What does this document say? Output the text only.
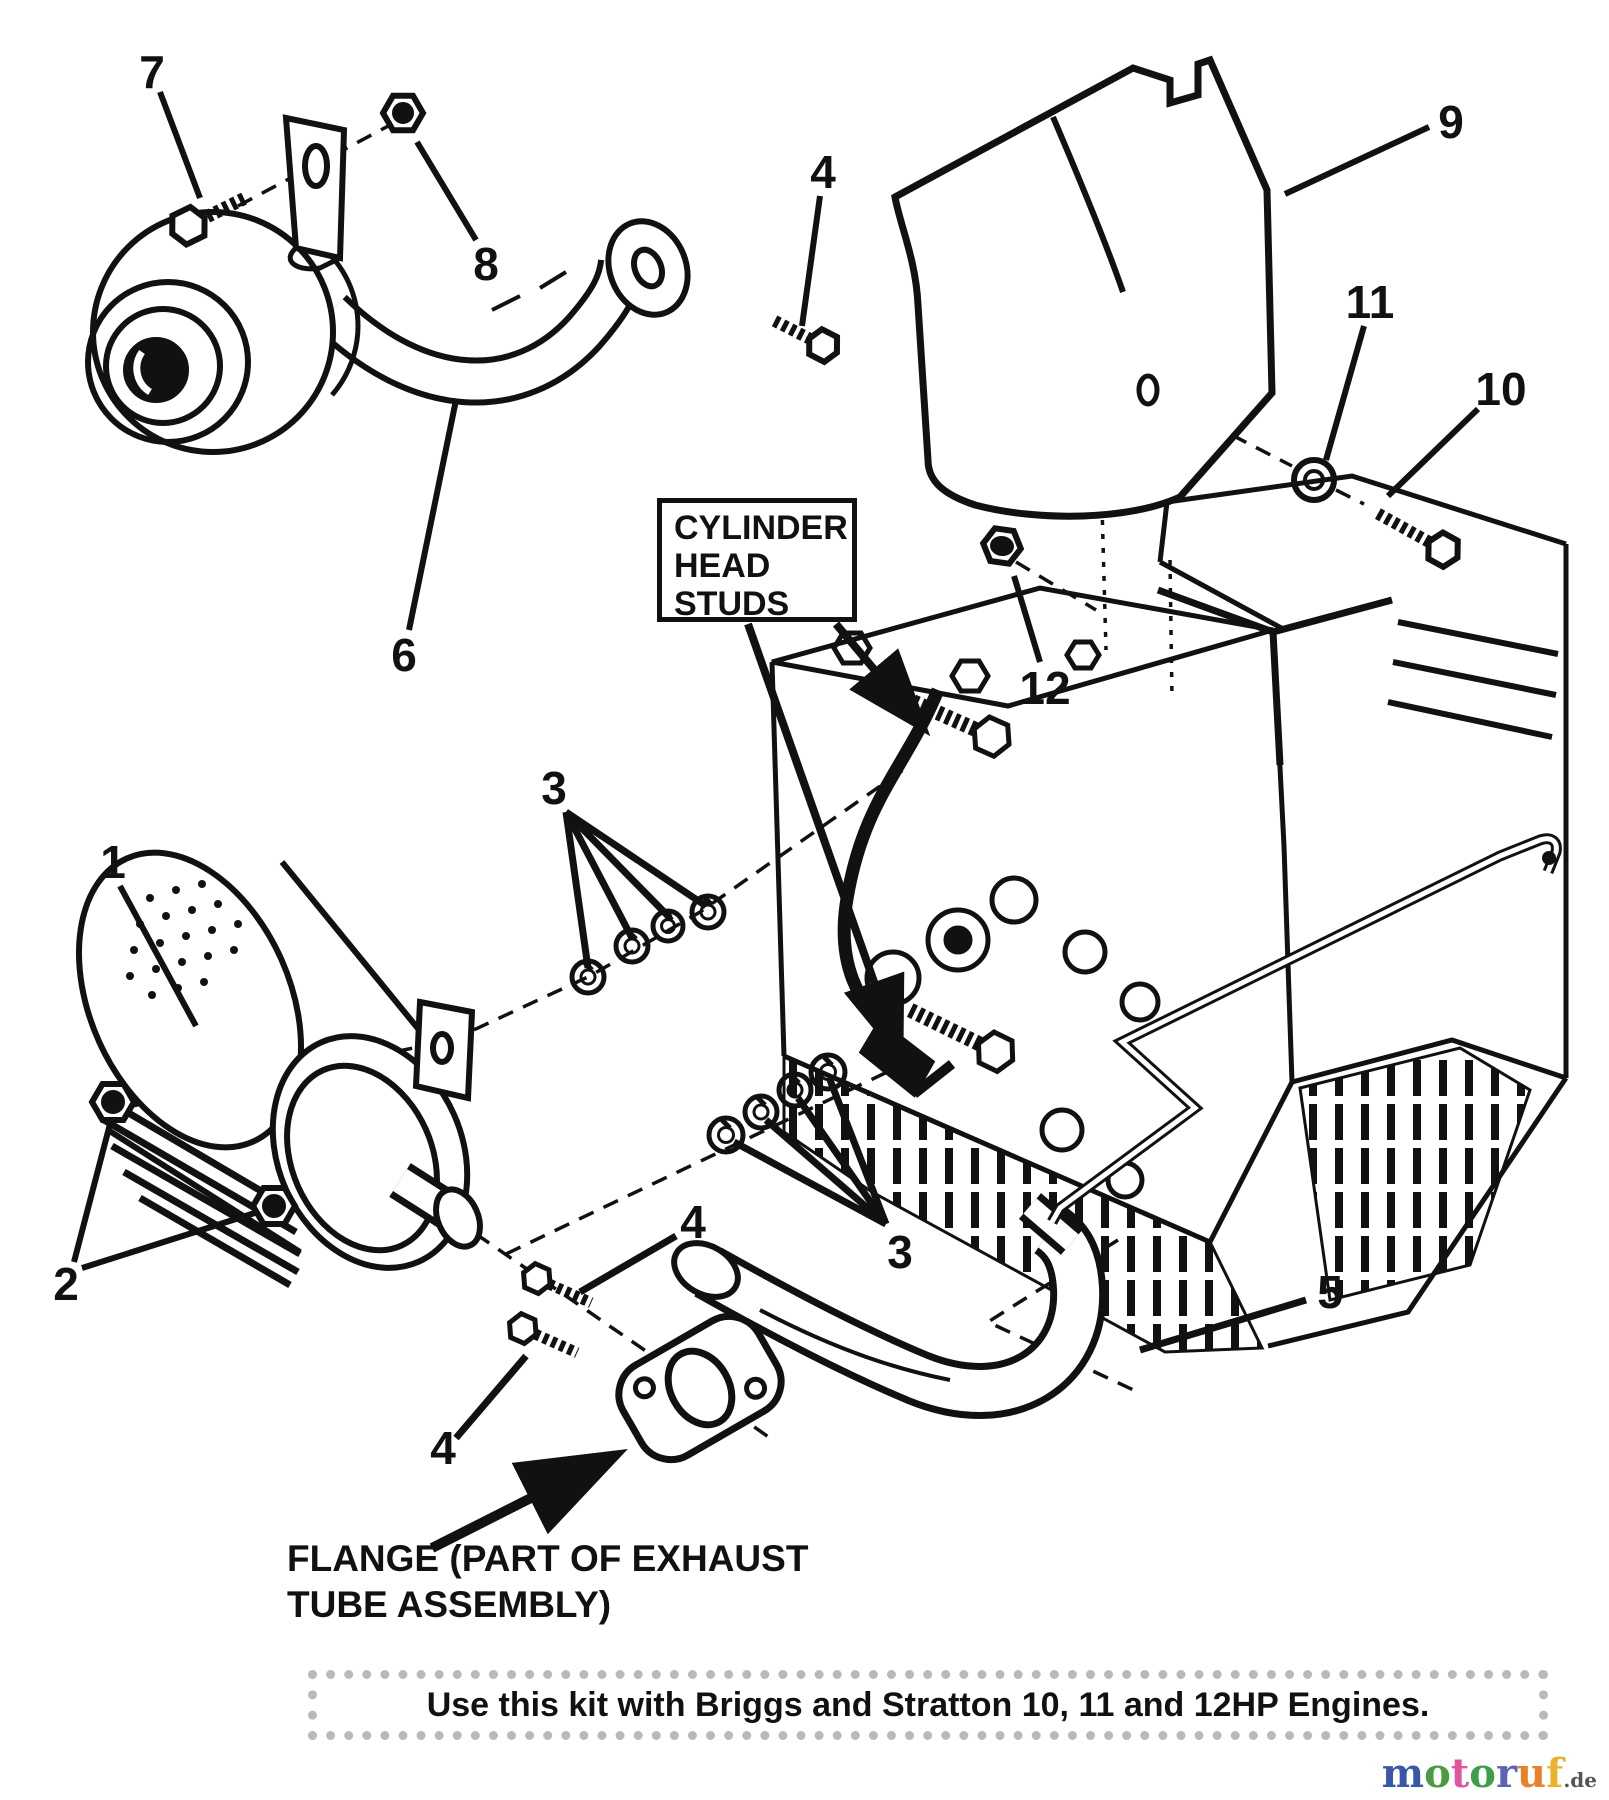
1
2
3
3
4
4
4
5
6
7
8
9
10
11
12
CYLINDER
HEAD
STUDS
FLANGE (PART OF EXHAUST
TUBE ASSEMBLY)
Use this kit with Briggs and Stratton 10, 11 and 12HP Engines.
motoruf.de
